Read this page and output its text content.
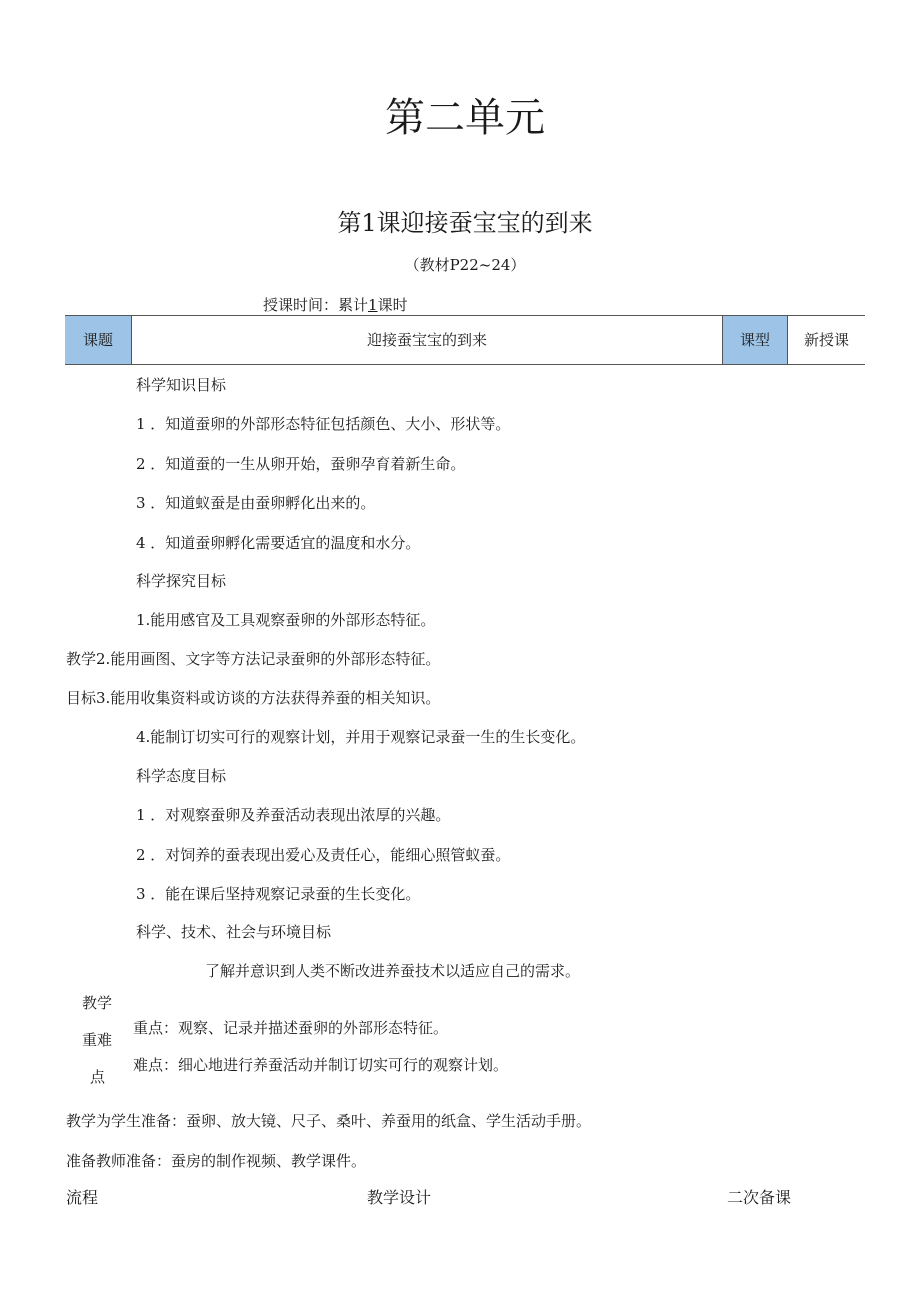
第二单元
第1课迎接蚕宝宝的到来
（教材P22~24）
授课时间：累计1课时
课题	迎接蚕宝宝的到来	课型	新授课
科学知识目标
1 ．知道蚕卵的外部形态特征包括颜色、大小、形状等。
2 ．知道蚕的一生从卵开始，蚕卵孕育着新生命。
3 ．知道蚁蚕是由蚕卵孵化出来的。
4 ．知道蚕卵孵化需要适宜的温度和水分。
科学探究目标
1.能用感官及工具观察蚕卵的外部形态特征。
教学2.能用画图、文字等方法记录蚕卵的外部形态特征。
目标3.能用收集资料或访谈的方法获得养蚕的相关知识。
4.能制订切实可行的观察计划，并用于观察记录蚕一生的生长变化。
科学态度目标
1 ．对观察蚕卵及养蚕活动表现出浓厚的兴趣。
2 ．对饲养的蚕表现出爱心及责任心，能细心照管蚁蚕。
3 ．能在课后坚持观察记录蚕的生长变化。
科学、技术、社会与环境目标
了解并意识到人类不断改进养蚕技术以适应自己的需求。
教学
重难
点
重点：观察、记录并描述蚕卵的外部形态特征。
难点：细心地进行养蚕活动并制订切实可行的观察计划。
教学为学生准备：蚕卵、放大镜、尺子、桑叶、养蚕用的纸盒、学生活动手册。
准备教师准备：蚕房的制作视频、教学课件。
流程	教学设计	二次备课
